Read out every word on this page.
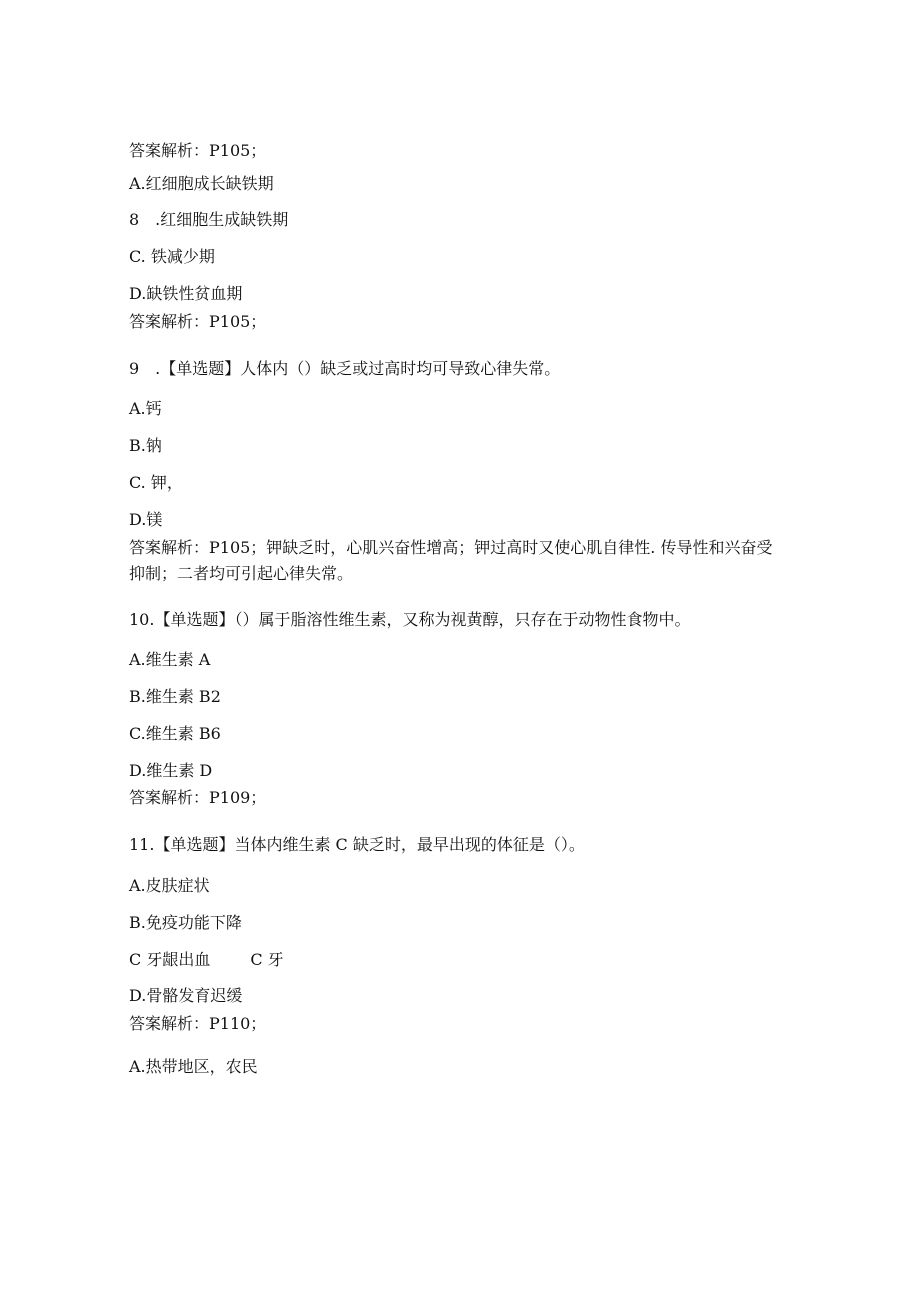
答案解析：P105；
A.红细胞成长缺铁期
8　.红细胞生成缺铁期
C. 铁减少期
D.缺铁性贫血期
答案解析：P105；
9　.【单选题】人体内（）缺乏或过高时均可导致心律失常。
A.钙
B.钠
C. 钾，
D.镁
答案解析：P105；钾缺乏时，心肌兴奋性增高；钾过高时又使心肌自律性. 传导性和兴奋受抑制；二者均可引起心律失常。
10.【单选题】（）属于脂溶性维生素，又称为视黄醇，只存在于动物性食物中。
A.维生素 A
B.维生素 B2
C.维生素 B6
D.维生素 D
答案解析：P109；
11.【单选题】当体内维生素 C 缺乏时，最早出现的体征是（）。
A.皮肤症状
B.免疫功能下降
C 牙龈出血	C 牙
D.骨骼发育迟缓
答案解析：P110；
A.热带地区，农民
